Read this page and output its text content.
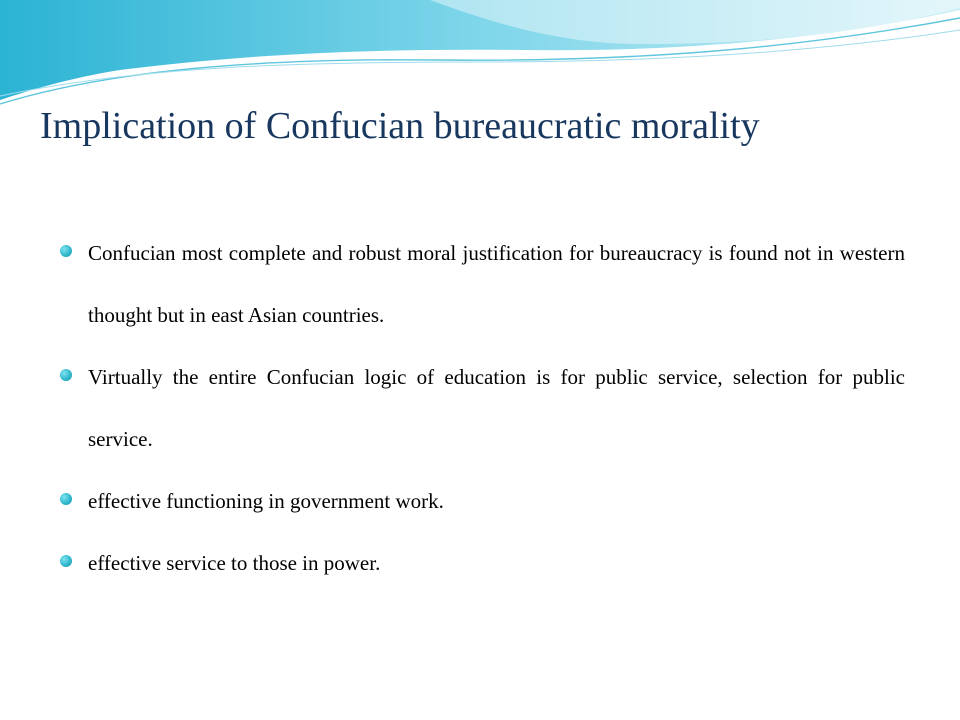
Implication of Confucian bureaucratic morality
Confucian most complete and robust moral justification for bureaucracy is found not in western thought but in east Asian countries.
Virtually the entire Confucian logic of education is for public service, selection for public service.
effective functioning in government work.
effective service to those in power.
